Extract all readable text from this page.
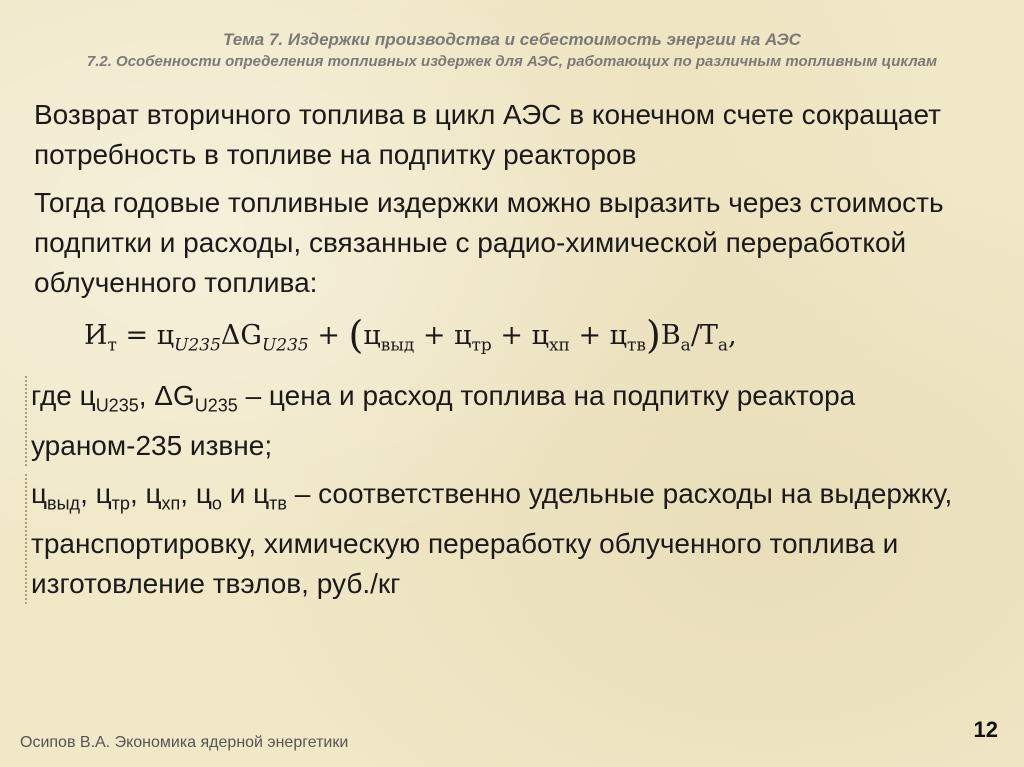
Тема 7. Издержки производства и себестоимость энергии на АЭС
7.2. Особенности определения топливных издержек для АЭС, работающих по различным топливным циклам
Возврат вторичного топлива в цикл АЭС в конечном счете сокращает потребность в топливе на подпитку реакторов
Тогда годовые топливные издержки можно выразить через стоимость подпитки и расходы, связанные с радио-химической переработкой облученного топлива:
$И_т = ц_{U235}\Delta G_{U235} + (ц_{выд} + ц_{тр} + ц_{хп} + ц_{тв})В_а/Т_а$,
где $ц_{U235}$, $\Delta G_{U235}$ – цена и расход топлива на подпитку реактора ураном-235 извне;
$ц_{выд}$, $ц_{тр}$, $ц_{хп}$, $ц_о$ и $ц_{тв}$ – соответственно удельные расходы на выдержку, транспортировку, химическую переработку облученного топлива и изготовление твэлов, руб./кг
Осипов В.А. Экономика ядерной энергетики
12
